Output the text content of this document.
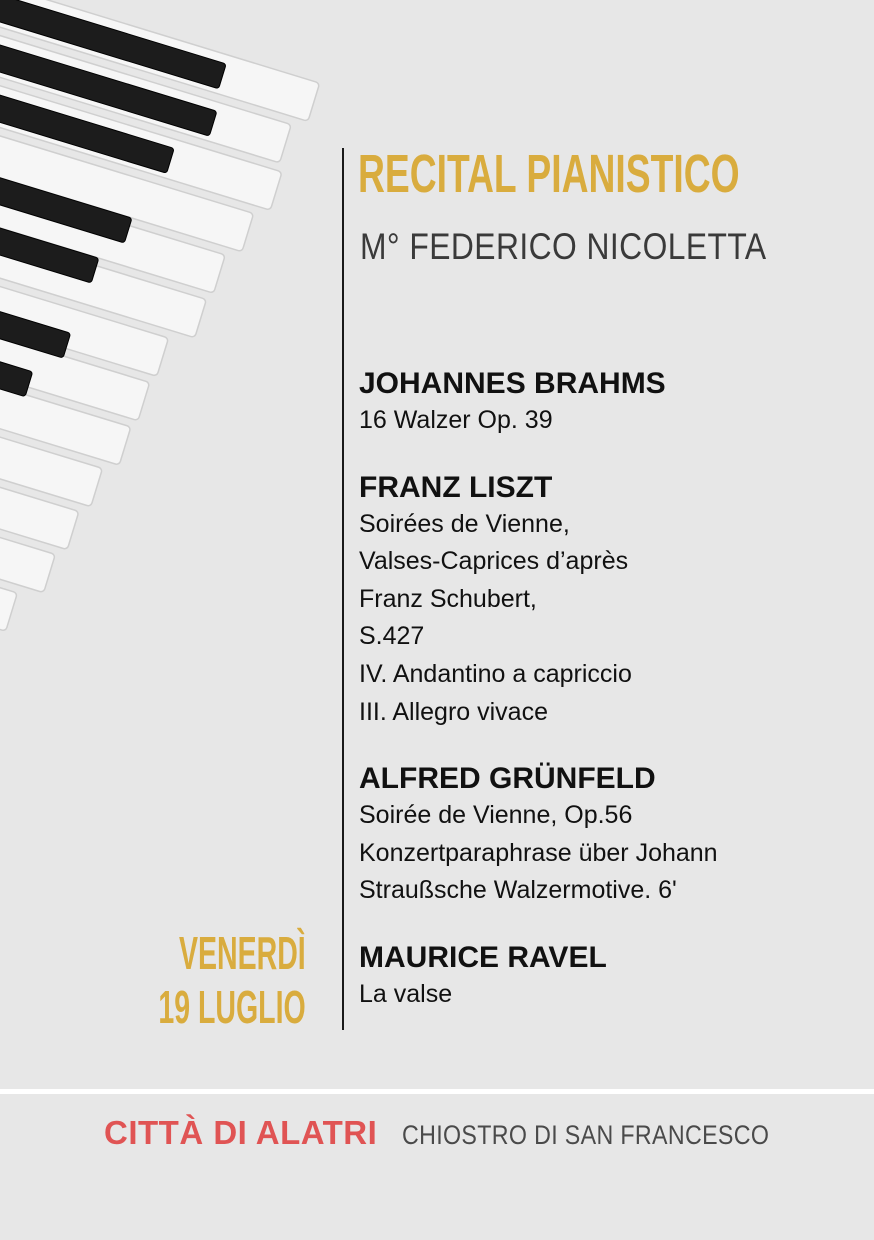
RECITAL PIANISTICO
M° FEDERICO NICOLETTA
JOHANNES BRAHMS
16 Walzer Op. 39
FRANZ LISZT
Soirées de Vienne,
Valses-Caprices d’après
Franz Schubert,
S.427
IV. Andantino a capriccio
III. Allegro vivace
ALFRED GRÜNFELD
Soirée de Vienne, Op.56
Konzertparaphrase über Johann
Straußsche Walzermotive. 6'
MAURICE RAVEL
La valse
VENERDÌ
19 LUGLIO
CITTÀ DI ALATRI CHIOSTRO DI SAN FRANCESCO
